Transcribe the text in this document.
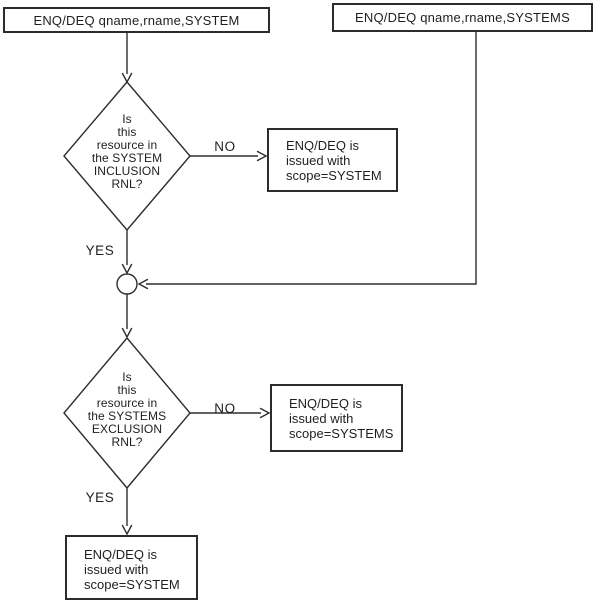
ENQ/DEQ qname,rname,SYSTEM	ENQ/DEQ qname,rname,SYSTEMS
Is
this
resource in
the SYSTEM
INCLUSION
RNL?
ENQ/DEQ is
issued with
scope=SYSTEM
Is
this
resource in
the SYSTEMS
EXCLUSION
RNL?
ENQ/DEQ is
issued with
scope=SYSTEMS
ENQ/DEQ is
issued with
scope=SYSTEM
NO
YES
NO
YES
